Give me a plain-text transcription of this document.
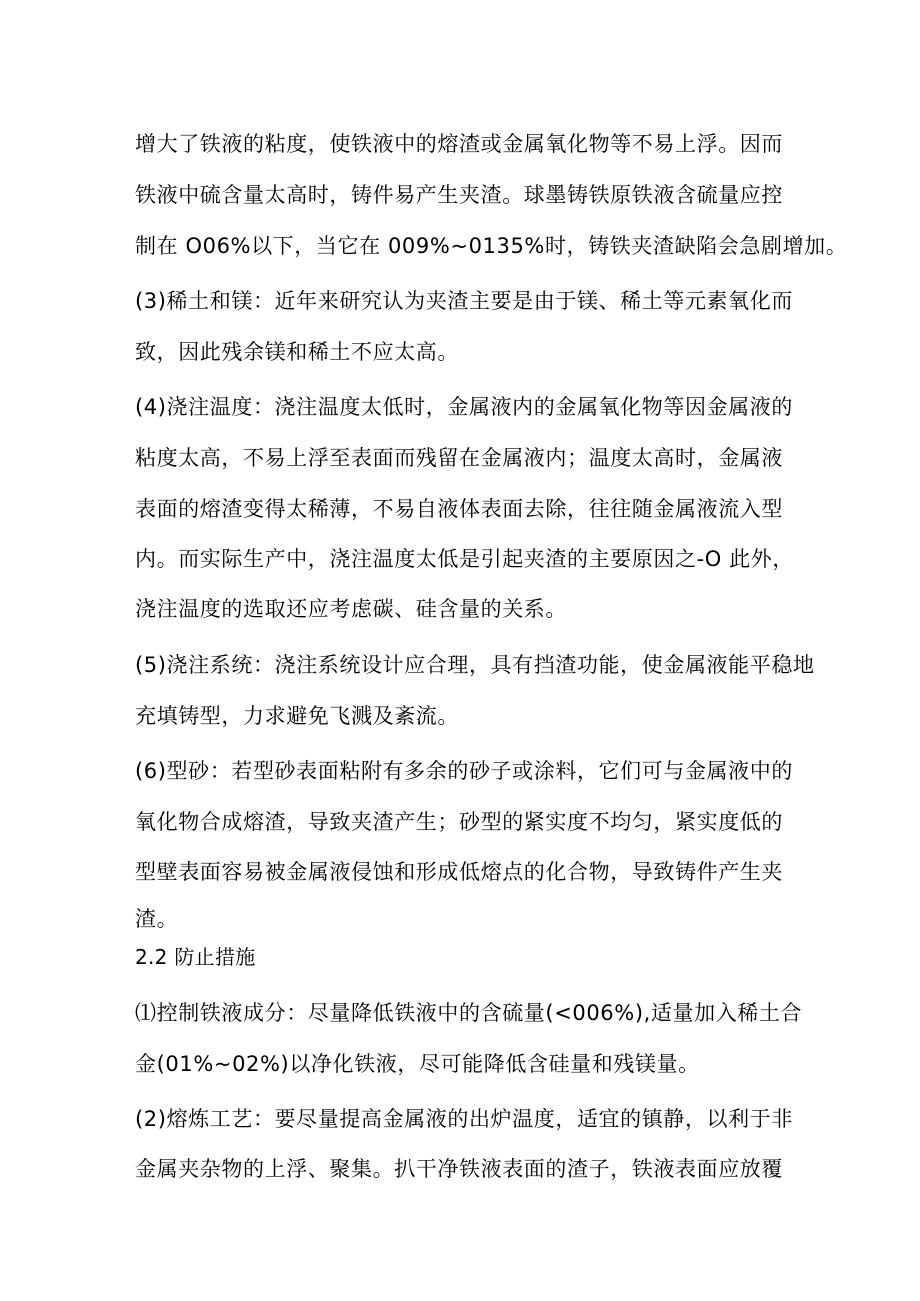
增大了铁液的粘度，使铁液中的熔渣或金属氧化物等不易上浮。因而
铁液中硫含量太高时，铸件易产生夹渣。球墨铸铁原铁液含硫量应控
制在 O06%以下，当它在 009%~0135%时，铸铁夹渣缺陷会急剧增加。
(3)稀土和镁：近年来研究认为夹渣主要是由于镁、稀土等元素氧化而
致，因此残余镁和稀土不应太高。
(4)浇注温度：浇注温度太低时，金属液内的金属氧化物等因金属液的
粘度太高，不易上浮至表面而残留在金属液内；温度太高时，金属液
表面的熔渣变得太稀薄，不易自液体表面去除，往往随金属液流入型
内。而实际生产中，浇注温度太低是引起夹渣的主要原因之-O 此外，
浇注温度的选取还应考虑碳、硅含量的关系。
(5)浇注系统：浇注系统设计应合理，具有挡渣功能，使金属液能平稳地
充填铸型，力求避免飞溅及紊流。
(6)型砂：若型砂表面粘附有多余的砂子或涂料，它们可与金属液中的
氧化物合成熔渣，导致夹渣产生；砂型的紧实度不均匀，紧实度低的
型壁表面容易被金属液侵蚀和形成低熔点的化合物，导致铸件产生夹
渣。
2.2 防止措施
⑴控制铁液成分：尽量降低铁液中的含硫量(<006%),适量加入稀土合
金(01%~02%)以净化铁液，尽可能降低含硅量和残镁量。
(2)熔炼工艺：要尽量提高金属液的出炉温度，适宜的镇静，以利于非
金属夹杂物的上浮、聚集。扒干净铁液表面的渣子，铁液表面应放覆
